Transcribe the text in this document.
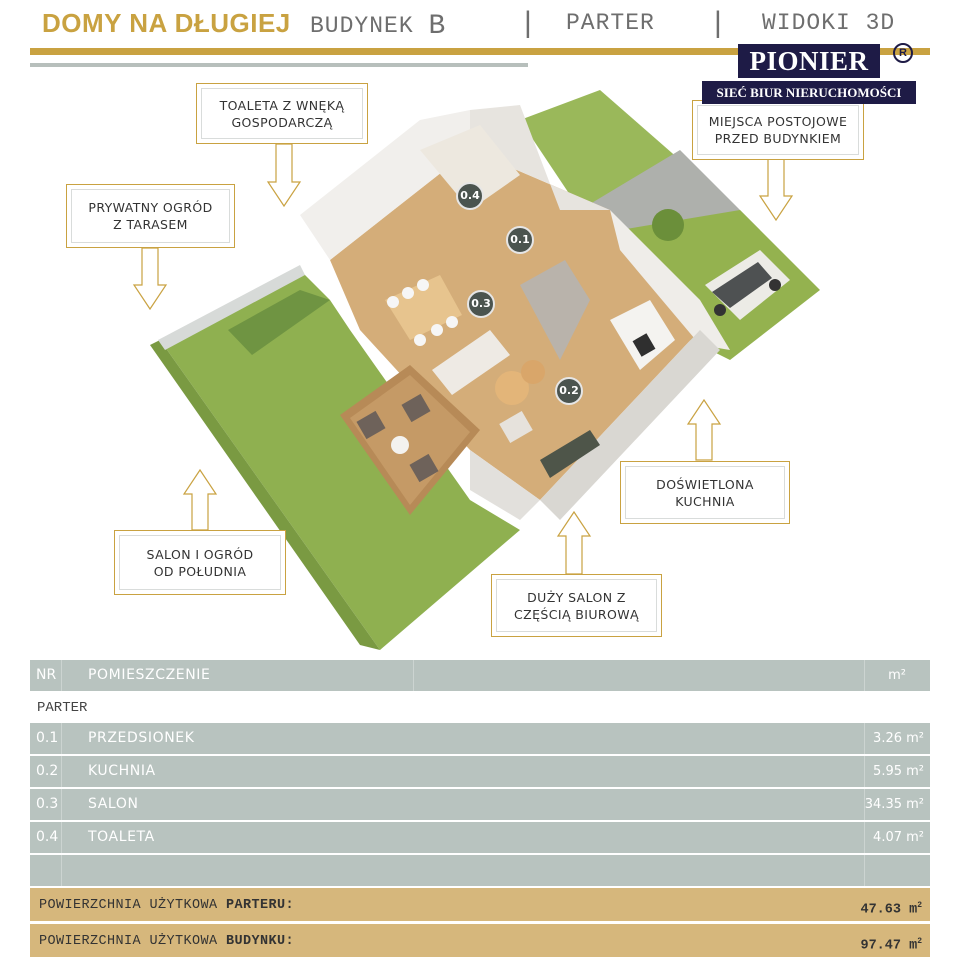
DOMY NA DŁUGIEJ BUDYNEK B	| PARTER | WIDOKI 3D
TOALETA Z WNĘKĄ
GOSPODARCZĄ
PRYWATNY OGRÓD
Z TARASEM
MIEJSCA POSTOJOWE
PRZED BUDYNKIEM
DOŚWIETLONA
KUCHNIA
SALON I OGRÓD
OD POŁUDNIA
DUŻY SALON Z
CZĘŚCIĄ BIUROWĄ
0.4
0.1
0.3
0.2
PIONIER	R
SIEĆ BIUR NIERUCHOMOŚCI
NR	POMIESZCZENIE	m²
PARTER
0.1 PRZEDSIONEK	3.26 m²
0.2 KUCHNIA	5.95 m²
0.3 SALON	34.35 m²
0.4 TOALETA	4.07 m²
POWIERZCHNIA UŻYTKOWA PARTERU:	47.63 $m^2$
POWIERZCHNIA UŻYTKOWA BUDYNKU:	97.47 $m^2$
